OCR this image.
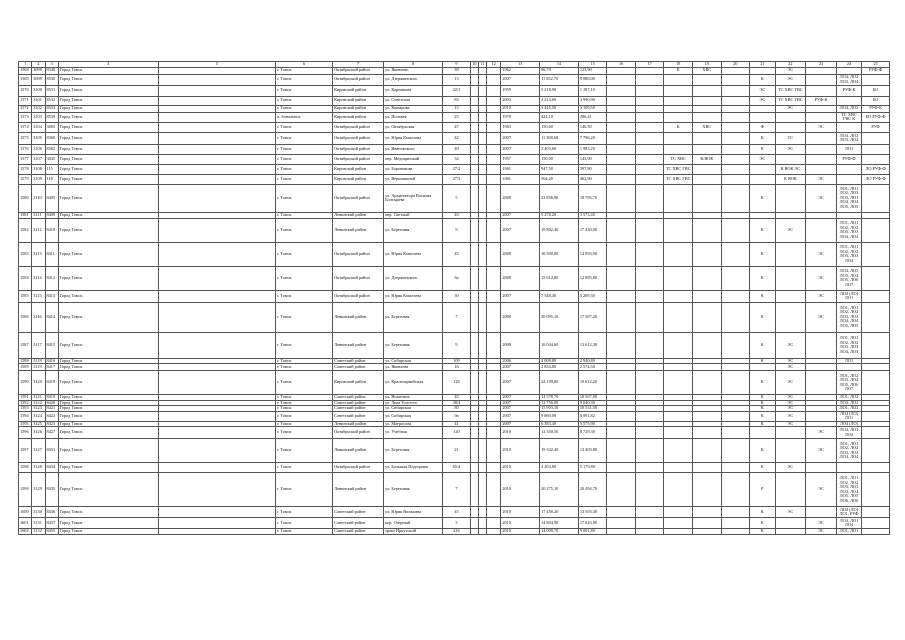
1	2	3	4	5	6	7	8	9	10	11	12	13	14	15	16	17	18	19	20	21	22	23	24	25
1568	3098	8340	Город Томск		г. Томск	Октябрьский район	ул. Яковлево	39				1962	86,70	123,90			К	ХВС			ЭС			РУФ-Ф
1569	3099	8530	Город Томск		г. Томск	Октябрьский район	ул. Дзержинского	13				2007	11 852,70	9 080,00						К	ЭС		ЛО4, ЛО2 ЛО3, ЛО4	
1570	3100	8531	Город Томск		г. Томск	Кировский район	ул. Карташова	22/1				1959	5 218,90	1 187,10						ЭС	ТС ХВС ГВС		РУФ-К	БО
1571	3101	8532	Город Томск		г. Томск	Кировский район	ул. Советская	83				2003	4 213,60	3 990,90						ЭС	ТС ХВС ГВС	РУФ-К		БО
1572	3102	8533	Город Томск		г. Томск	Кировский район	ул. Кошарова	13				2010	3 445,50	3 109,50							ЭС		ЛО4, ЛО2	РУФ-К
1573	3103	8539	Город Томск		п. Зональное	Кировский район	ул. Полевая	25				1978	424,10	286,41									ТС ХВС ГВС К	БО РУФ-Ф
1574	3104	3065	Город Томск		г. Томск	Октябрьский район	ул. Октябрьская	47				1963	150,60	146,50			К	ХВС		Ф		ЭС		РУФ
1575	3105	8360	Город Томск		г. Томск	Октябрьский район	ул. Юрия Кошелева	42				2007	11 308,60	7 796,20						К	ТС		ЛО4, ЛО2 ЛО3, ЛО4	
1576	3106	8362	Город Томск		г. Томск	Октябрьский район	ул. Ивановского	40				2007	2 403,60	1 983,20						К	ЭС		ЛО1	
1577	3107	3045	Город Томск		г. Томск	Октябрьский район	пер. Медицинский	34				1957	150,00	143,90			ТС ХВС	К/ЯОК		ЭС			РУФ-Ф	
1578	3108	115	Город Томск		г. Томск	Кировский район	ул. Боровикова	27/2				1961	947,50	597,80			ТС ХВС ГВС				К ЯОК ЭС			ЛО РУФ-Ф
1579	3109	118	Город Томск		г. Томск	Кировский район	ул. Вершининой	27/3				1961	564,20	462,90			ТС ХВС ГВС				К ЯОК	ЭС		ЛО РУФ-Ф
1580	3110	8405	Город Томск		г. Томск	Октябрьский район	ул. Архитектора Василия Болтырева	5				2008	21 856,90	18 795,70						К		ЭС	ЛО1, ЛО1 ЛО2, ЛО3 ЛО3, ЛО1 ЛО4, ЛО4 ЛО5, ЛО5	
1581	3111	8409	Город Томск		г. Томск	Ленинский район	пер. Светлый	43				2007	5 278,20	3 573,40										
1582	3112	8410	Город Томск		г. Томск	Ленинский район	ул. Береговая	9				2007	19 802,40	17 430,00						К	ЭС		ЛО1, ЛО1 ЛО2, ЛО2 ЛО3, ЛО3 ЛО4, ЛО4	
1583	3113	8411	Город Томск		г. Томск	Октябрьский район	ул. Юрия Кошелева	45				2008	16 300,00	14 093,90						К		ЭС	ЛО1, ЛО1 ЛО2, ЛО2 ЛО3, ЛО3 ЛО4	
1584	3114	8412	Город Томск		г. Томск	Октябрьский район	ул. Дзержинского	6а				2008	15 612,80	12 885,80						К		ЭС	ЛО4, ЛО5 ЛО3, ЛО4 ЛО5, ЛО6 ЛО7	
1585	3115	8413	Город Томск		г. Томск	Октябрьский район	ул. Юрия Кошелева	30				2007	7 548,40	5 269,30						К		ЭС	ЛО4 (ЛО) ЛО1	
1586	3116	8414	Город Томск		г. Томск	Ленинский район	ул. Береговая	7				2008	20 095,10	17 507,20						К		ЭС	ЛО1, ЛО1 ЛО2, ЛО2 ЛО3, ЛО3 ЛО4, ЛО4 ЛО5, ЛО5	
1587	3117	8415	Город Томск		г. Томск	Ленинский район	ул. Березовая	9				2008	16 044,60	13 612,30						К	ЭС		ЛО1, ЛО1 ЛО2, ЛО2 ЛО3, ЛО3 ЛО4, ЛО4	
1588	3118	8416	Город Томск		г. Томск	Советский район	ул. Сибирская	109				2006	4 008,80	2 940,80						К	ЭС		ЛО1	
1589	3119	8417	Город Томск		г. Томск	Советский район	ул. Яковлева	16				2007	2 854,80	2 574,50							ЭС			
1590	3120	8418	Город Томск		г. Томск	Кировский район	ул. Красноармейская	128				2007	24 109,00	19 612,20						К	ЭС		ЛО1, ЛО2 ЛО3, ЛО4 ЛО5, ЛО6 ЛО7	
1591	3121	8419	Город Томск		г. Томск	Советский район	ул. Никитина	45				2007	14 578,70	10 507,90						К	ЭС		ЛО1, ЛО2	
1592	3122	8420	Город Томск		г. Томск	Советский район	ул. Льва Толстого	38/4				2007	12 756,00	9 040,30						К	ЭС		ЛО4, ЛО2	
1593	3123	8421	Город Томск		г. Томск	Советский район	ул. Сибирская	80				2007	15 903,10	10 531,50						К	ЭС		ЛО1, ЛО2	
1594	3124	8422	Город Томск		г. Томск	Советский район	ул. Сибирская	9а				2007	9 860,00	8 091,82						К	ЭС		ЛО4 (ЛО) ЛО1	
1595	3125	8423	Город Томск		г. Томск	Ленинский район	ул. Матросова	41				2007	6 383,40	5 575,90						К	ЭС		ЛО4 (ЛО)	
1596	3126	8427	Город Томск		г. Томск	Октябрьский район	ул. Учебная	120				2010	12 350,50	8 729,30								ЭС	ЛО4, ЛО1 ЛО2	
1597	3127	8431	Город Томск		г. Томск	Ленинский район	ул. Береговая	21				2010	19 342,40	13 403,80						К		ЭС	ЛО1, ЛО1 ЛО2, ЛО2 ЛО3, ЛО3 ЛО4, ЛО4	
1598	3128	8434	Город Томск		г. Томск	Октябрьский район	ул. Большая Подгорная	65/4				2010	2 203,80	5 179,80						К	ЭС			
1599	3129	8435	Город Томск		г. Томск	Ленинский район	ул. Березовая	7				2010	20 275,10	20 494,70						Р		ЭС	ЛО1, ЛО1 ЛО2, ЛО2 ЛО3, ЛО3 ЛО4, ЛО4 ЛО5, ЛО5 ЛО6, ЛО6	
1600	3130	8436	Город Томск		г. Томск	Советский район	ул. Юрия Вилькина	45				2010	17 458,20	13 503,30						К	ЭС		ЛО4 (ЛО) ЛО1, РУФ	
1601	3131	8437	Город Томск		г. Томск	Советский район	пер. Озерный	3				2010	14 804,90	17 023,00						К		ЭС	ЛО4, ЛО1 ЛО4	
1602	3132	8455	Город Томск		г. Томск	Советский район	тракт Иркутский	216				2010	14 009,70	9 001,80						К		ЭС	ЛО1, ЛО1	
